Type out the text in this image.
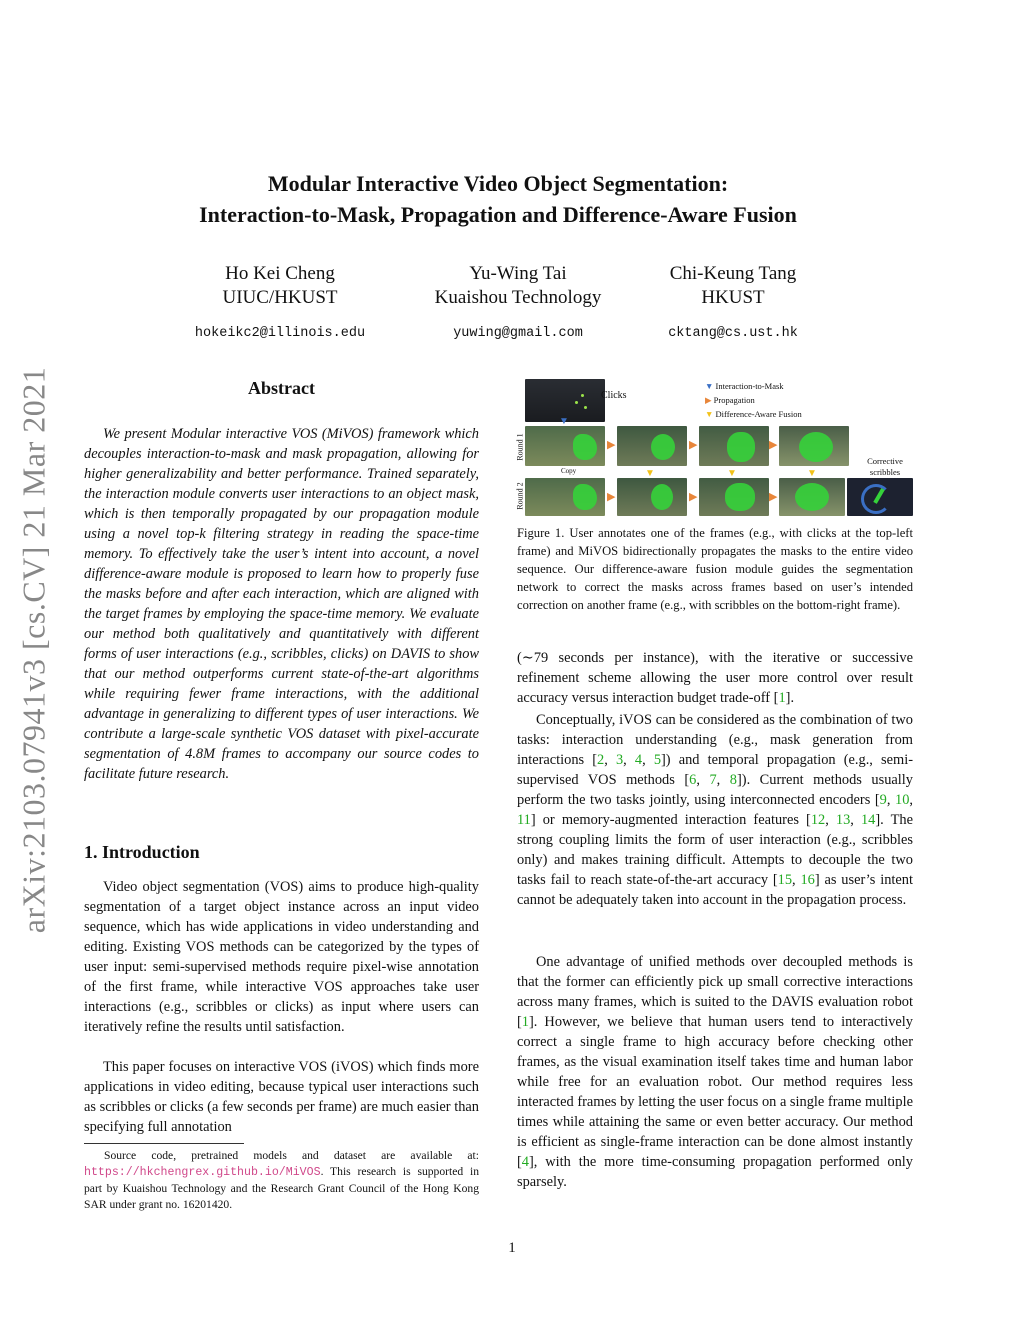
arXiv:2103.07941v3 [cs.CV] 21 Mar 2021
Modular Interactive Video Object Segmentation:
Interaction-to-Mask, Propagation and Difference-Aware Fusion
Ho Kei Cheng
UIUC/HKUST
hokeikc2@illinois.edu
Yu-Wing Tai
Kuaishou Technology
yuwing@gmail.com
Chi-Keung Tang
HKUST
cktang@cs.ust.hk
Abstract

We present Modular interactive VOS (MiVOS) framework which decouples interaction-to-mask and mask propagation, allowing for higher generalizability and better performance. Trained separately, the interaction module converts user interactions to an object mask, which is then temporally propagated by our propagation module using a novel top-k filtering strategy in reading the space-time memory. To effectively take the user’s intent into account, a novel difference-aware module is proposed to learn how to properly fuse the masks before and after each interaction, which are aligned with the target frames by employing the space-time memory. We evaluate our method both qualitatively and quantitatively with different forms of user interactions (e.g., scribbles, clicks) on DAVIS to show that our method outperforms current state-of-the-art algorithms while requiring fewer frame interactions, with the additional advantage in generalizing to different types of user interactions. We contribute a large-scale synthetic VOS dataset with pixel-accurate segmentation of 4.8M frames to accompany our source codes to facilitate future research.

1. Introduction

Video object segmentation (VOS) aims to produce high-quality segmentation of a target object instance across an input video sequence, which has wide applications in video understanding and editing. Existing VOS methods can be categorized by the types of user input: semi-supervised methods require pixel-wise annotation of the first frame, while interactive VOS approaches take user interactions (e.g., scribbles or clicks) as input where users can iteratively refine the results until satisfaction.

This paper focuses on interactive VOS (iVOS) which finds more applications in video editing, because typical user interactions such as scribbles or clicks (a few seconds per frame) are much easier than specifying full annotation

Source code, pretrained models and dataset are available at: https://hkchengrex.github.io/MiVOS. This research is supported in part by Kuaishou Technology and the Research Grant Council of the Hong Kong SAR under grant no. 16201420.

Clicks
▼ Interaction-to-Mask
▶ Propagation
▼ Difference-Aware Fusion
Round 1
Round 2
▶	▶	▶
▼
Corrective scribbles
Copy
▶	▶	▶
▼	▼	▼

Figure 1. User annotates one of the frames (e.g., with clicks at the top-left frame) and MiVOS bidirectionally propagates the masks to the entire video sequence. Our difference-aware fusion module guides the segmentation network to correct the masks across frames based on user’s intended correction on another frame (e.g., with scribbles on the bottom-right frame).

(∼79 seconds per instance), with the iterative or successive refinement scheme allowing the user more control over result accuracy versus interaction budget trade-off [1].

Conceptually, iVOS can be considered as the combination of two tasks: interaction understanding (e.g., mask generation from interactions [2, 3, 4, 5]) and temporal propagation (e.g., semi-supervised VOS methods [6, 7, 8]). Current methods usually perform the two tasks jointly, using interconnected encoders [9, 10, 11] or memory-augmented interaction features [12, 13, 14]. The strong coupling limits the form of user interaction (e.g., scribbles only) and makes training difficult. Attempts to decouple the two tasks fail to reach state-of-the-art accuracy [15, 16] as user’s intent cannot be adequately taken into account in the propagation process.

One advantage of unified methods over decoupled methods is that the former can efficiently pick up small corrective interactions across many frames, which is suited to the DAVIS evaluation robot [1]. However, we believe that human users tend to interactively correct a single frame to high accuracy before checking other frames, as the visual examination itself takes time and human labor while free for an evaluation robot. Our method requires less interacted frames by letting the user focus on a single frame multiple times while attaining the same or even better accuracy. Our method is efficient as single-frame interaction can be done almost instantly [4], with the more time-consuming propagation performed only sparsely.

1
